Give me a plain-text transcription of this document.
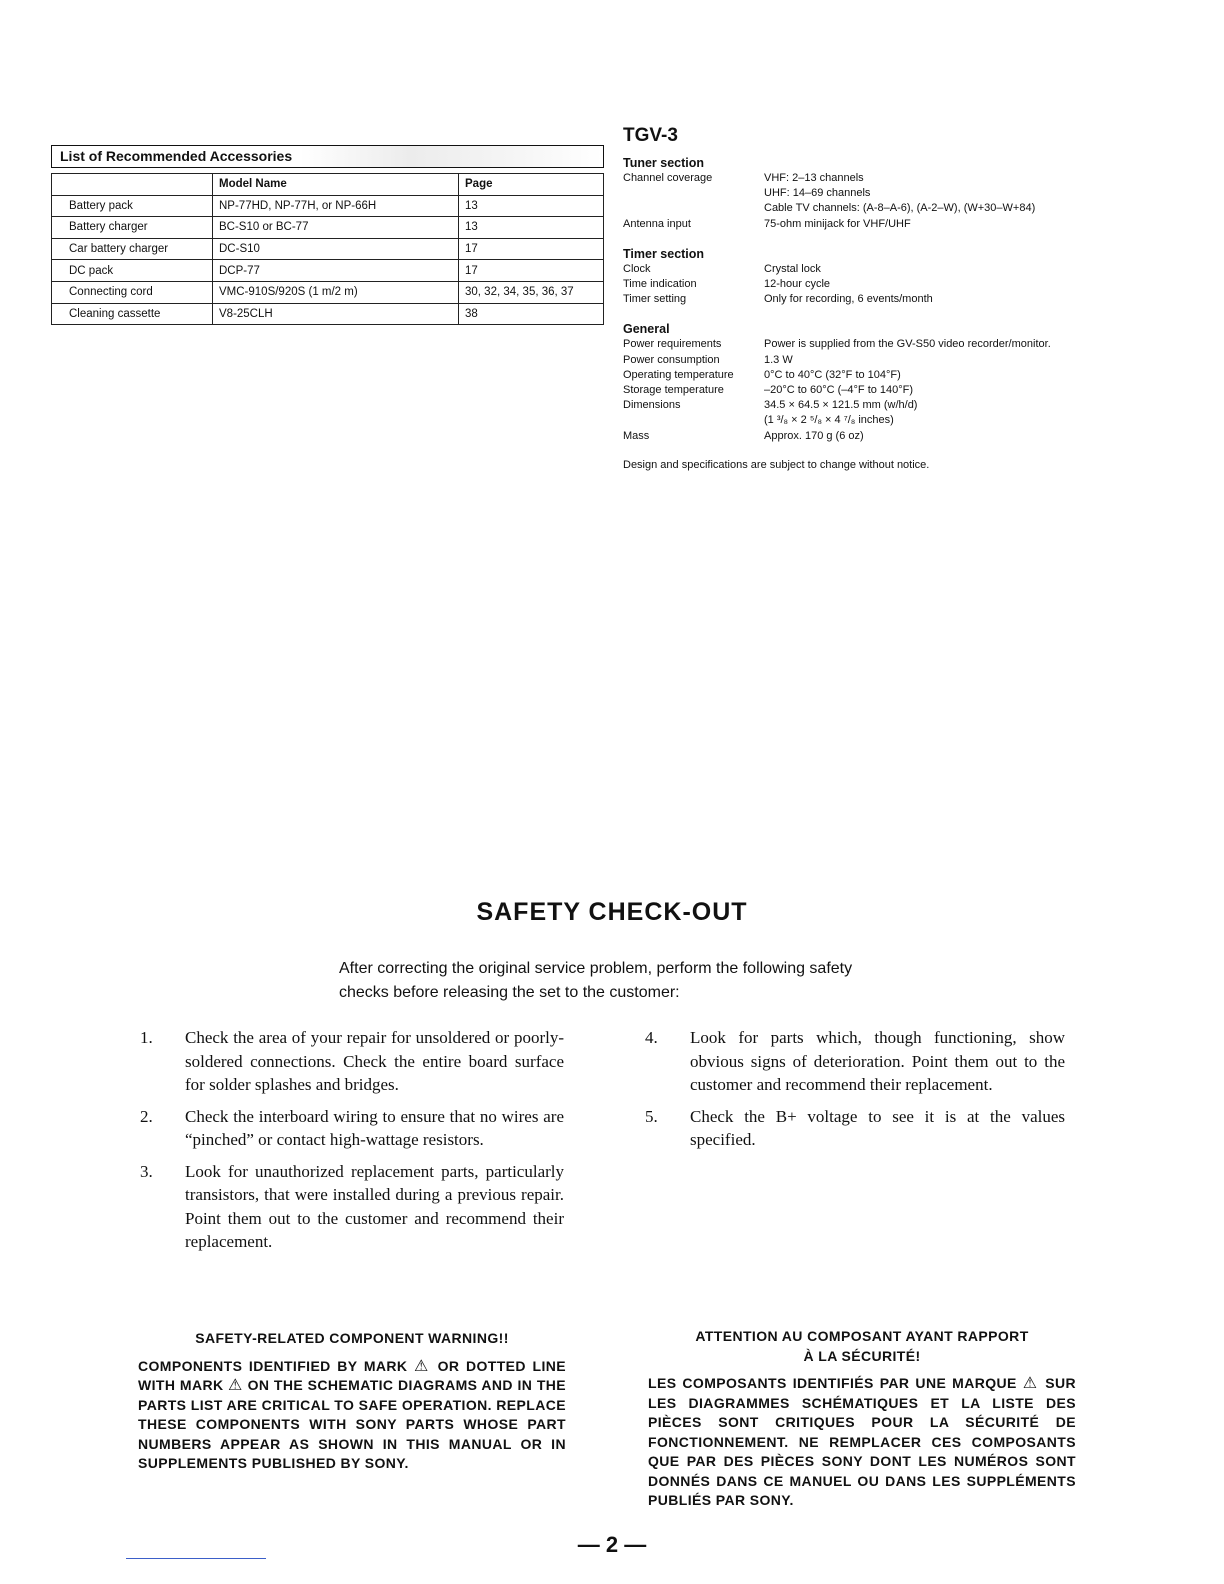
List of Recommended Accessories
	Model Name	Page
Battery pack	NP-77HD, NP-77H, or NP-66H	13
Battery charger	BC-S10 or BC-77	13
Car battery charger	DC-S10	17
DC pack	DCP-77	17
Connecting cord	VMC-910S/920S (1 m/2 m)	30, 32, 34, 35, 36, 37
Cleaning cassette	V8-25CLH	38
TGV-3
Tuner section
Channel coverage	VHF: 2–13 channels
UHF: 14–69 channels
Cable TV channels: (A-8–A-6), (A-2–W), (W+30–W+84)
Antenna input	75-ohm minijack for VHF/UHF
Timer section
Clock	Crystal lock
Time indication	12-hour cycle
Timer setting	Only for recording, 6 events/month
General
Power requirements	Power is supplied from the GV-S50 video recorder/monitor.
Power consumption	1.3 W
Operating temperature	0°C to 40°C (32°F to 104°F)
Storage temperature	–20°C to 60°C (–4°F to 140°F)
Dimensions	34.5 × 64.5 × 121.5 mm (w/h/d)
(1 ³/₈ × 2 ⁵/₈ × 4 ⁷/₈ inches)
Mass	Approx. 170 g (6 oz)
Design and specifications are subject to change without notice.
SAFETY CHECK-OUT
After correcting the original service problem, perform the following safety checks before releasing the set to the customer:
1.	Check the area of your repair for unsoldered or poorly-soldered connections. Check the entire board surface for solder splashes and bridges.
2.	Check the interboard wiring to ensure that no wires are “pinched” or contact high-wattage resistors.
3.	Look for unauthorized replacement parts, particularly transistors, that were installed during a previous repair. Point them out to the customer and recommend their replacement.
4.	Look for parts which, though functioning, show obvious signs of deterioration. Point them out to the customer and recommend their replacement.
5.	Check the B+ voltage to see it is at the values specified.
SAFETY-RELATED COMPONENT WARNING!!
COMPONENTS IDENTIFIED BY MARK ⚠ OR DOTTED LINE WITH MARK ⚠ ON THE SCHEMATIC DIAGRAMS AND IN THE PARTS LIST ARE CRITICAL TO SAFE OPERATION. REPLACE THESE COMPONENTS WITH SONY PARTS WHOSE PART NUMBERS APPEAR AS SHOWN IN THIS MANUAL OR IN SUPPLEMENTS PUBLISHED BY SONY.
ATTENTION AU COMPOSANT AYANT RAPPORT
À LA SÉCURITÉ!
LES COMPOSANTS IDENTIFIÉS PAR UNE MARQUE ⚠ SUR LES DIAGRAMMES SCHÉMATIQUES ET LA LISTE DES PIÈCES SONT CRITIQUES POUR LA SÉCURITÉ DE FONCTIONNEMENT. NE REMPLACER CES COMPOSANTS QUE PAR DES PIÈCES SONY DONT LES NUMÉROS SONT DONNÉS DANS CE MANUEL OU DANS LES SUPPLÉMENTS PUBLIÉS PAR SONY.
— 2 —
